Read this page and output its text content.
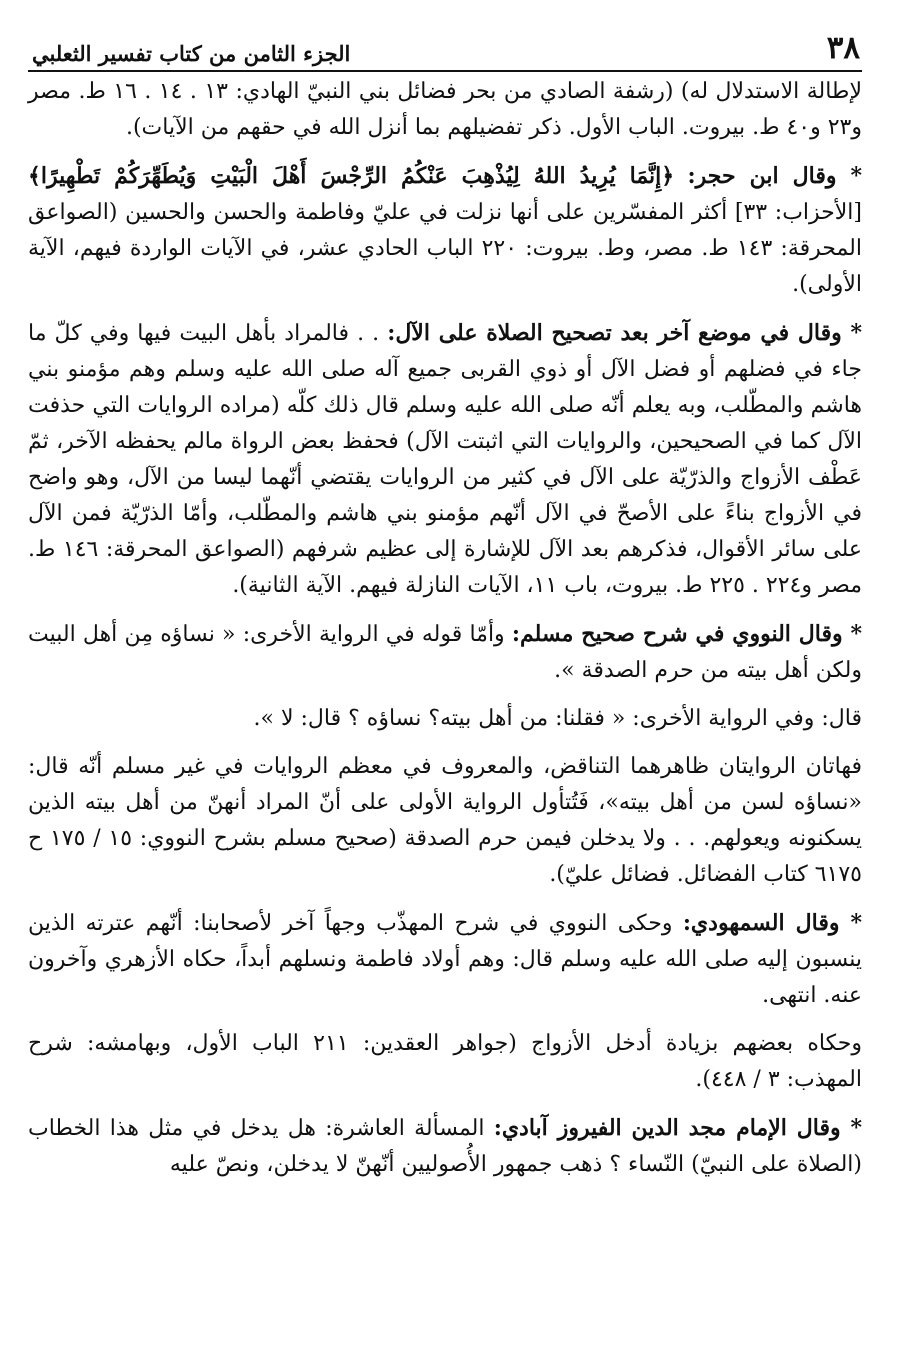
٣٨
الجزء الثامن من كتاب تفسير الثعلبي

لإطالة الاستدلال له) (رشفة الصادي من بحر فضائل بني النبيّ الهادي: ١٣ . ١٤ . ١٦ ط. مصر و٢٣ و٤٠ ط. بيروت. الباب الأول. ذكر تفضيلهم بما أنزل الله في حقهم من الآيات).

* وقال ابن حجر: ﴿إِنَّمَا يُرِيدُ اللهُ لِيُذْهِبَ عَنْكُمُ الرِّجْسَ أَهْلَ الْبَيْتِ وَيُطَهِّرَكُمْ تَطْهِيرًا﴾ [الأحزاب: ٣٣] أكثر المفسّرين على أنها نزلت في عليّ وفاطمة والحسن والحسين (الصواعق المحرقة: ١٤٣ ط. مصر، وط. بيروت: ٢٢٠ الباب الحادي عشر، في الآيات الواردة فيهم، الآية الأولى).

* وقال في موضع آخر بعد تصحيح الصلاة على الآل: . . فالمراد بأهل البيت فيها وفي كلّ ما جاء في فضلهم أو فضل الآل أو ذوي القربى جميع آله صلى الله عليه وسلم وهم مؤمنو بني هاشم والمطّلب، وبه يعلم أنّه صلى الله عليه وسلم قال ذلك كلّه (مراده الروايات التي حذفت الآل كما في الصحيحين، والروايات التي اثبتت الآل) فحفظ بعض الرواة مالم يحفظه الآخر، ثمّ عَطْف الأزواج والذرّيّة على الآل في كثير من الروايات يقتضي أنّهما ليسا من الآل، وهو واضح في الأزواج بناءً على الأصحّ في الآل أنّهم مؤمنو بني هاشم والمطّلب، وأمّا الذرّيّة فمن الآل على سائر الأقوال، فذكرهم بعد الآل للإشارة إلى عظيم شرفهم (الصواعق المحرقة: ١٤٦ ط. مصر و٢٢٤ . ٢٢٥ ط. بيروت، باب ١١، الآيات النازلة فيهم. الآية الثانية).

* وقال النووي في شرح صحيح مسلم: وأمّا قوله في الرواية الأخرى: « نساؤه مِن أهل البيت ولكن أهل بيته من حرم الصدقة ».

قال: وفي الرواية الأخرى: « فقلنا: من أهل بيته؟ نساؤه ؟ قال: لا ».

فهاتان الروايتان ظاهرهما التناقض، والمعروف في معظم الروايات في غير مسلم أنّه قال: «نساؤه لسن من أهل بيته»، فَتُتأول الرواية الأولى على أنّ المراد أنهنّ من أهل بيته الذين يسكنونه ويعولهم. . . ولا يدخلن فيمن حرم الصدقة (صحيح مسلم بشرح النووي: ١٥ / ١٧٥ ح ٦١٧٥ كتاب الفضائل. فضائل عليّ).

* وقال السمهودي: وحكى النووي في شرح المهذّب وجهاً آخر لأصحابنا: أنّهم عترته الذين ينسبون إليه صلى الله عليه وسلم قال: وهم أولاد فاطمة ونسلهم أبداً، حكاه الأزهري وآخرون عنه. انتهى.

وحكاه بعضهم بزيادة أدخل الأزواج (جواهر العقدين: ٢١١ الباب الأول، وبهامشه: شرح المهذب: ٣ / ٤٤٨).

* وقال الإمام مجد الدين الفيروز آبادي: المسألة العاشرة: هل يدخل في مثل هذا الخطاب (الصلاة على النبيّ) النّساء ؟ ذهب جمهور الأُصوليين أنّهنّ لا يدخلن، ونصّ عليه
